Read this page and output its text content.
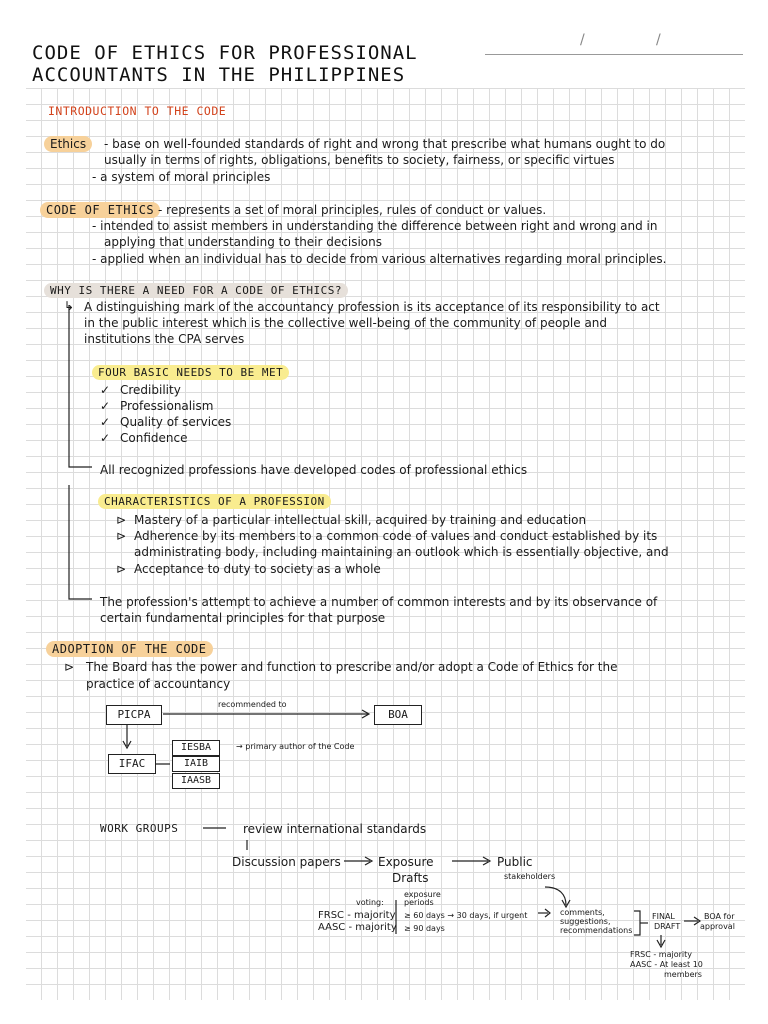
CODE OF ETHICS FOR PROFESSIONAL
ACCOUNTANTS IN THE PHILIPPINES
/	/
INTRODUCTION TO THE CODE
Ethics	- base on well-founded standards of right and wrong that prescribe what humans ought to do
usually in terms of rights, obligations, benefits to society, fairness, or specific virtues
- a system of moral principles
CODE OF ETHICS - represents a set of moral principles, rules of conduct or values.
- intended to assist members in understanding the difference between right and wrong and in
applying that understanding to their decisions
- applied when an individual has to decide from various alternatives regarding moral principles.
WHY IS THERE A NEED FOR A CODE OF ETHICS?
↳ A distinguishing mark of the accountancy profession is its acceptance of its responsibility to act
in the public interest which is the collective well-being of the community of people and
institutions the CPA serves
FOUR BASIC NEEDS TO BE MET
✓ Credibility
✓ Professionalism
✓ Quality of services
✓ Confidence
All recognized professions have developed codes of professional ethics
CHARACTERISTICS OF A PROFESSION
⊳ Mastery of a particular intellectual skill, acquired by training and education
⊳ Adherence by its members to a common code of values and conduct established by its
administrating body, including maintaining an outlook which is essentially objective, and
⊳ Acceptance to duty to society as a whole
The profession's attempt to achieve a number of common interests and by its observance of
certain fundamental principles for that purpose
ADOPTION OF THE CODE
⊳ The Board has the power and function to prescribe and/or adopt a Code of Ethics for the
practice of accountancy
PICPA
recommended to
BOA
IFAC
IESBA
IAIB
IAASB
→ primary author of the Code
WORK GROUPS	review international standards
Discussion papers	Exposure
Drafts
Public
stakeholders
voting:
exposure periods
FRSC - majority
AASC - majority
≥ 60 days → 30 days, if urgent
≥ 90 days
comments,
suggestions,
recommendations
FINAL
DRAFT
BOA for
approval
FRSC - majority
AASC - At least 10
members
